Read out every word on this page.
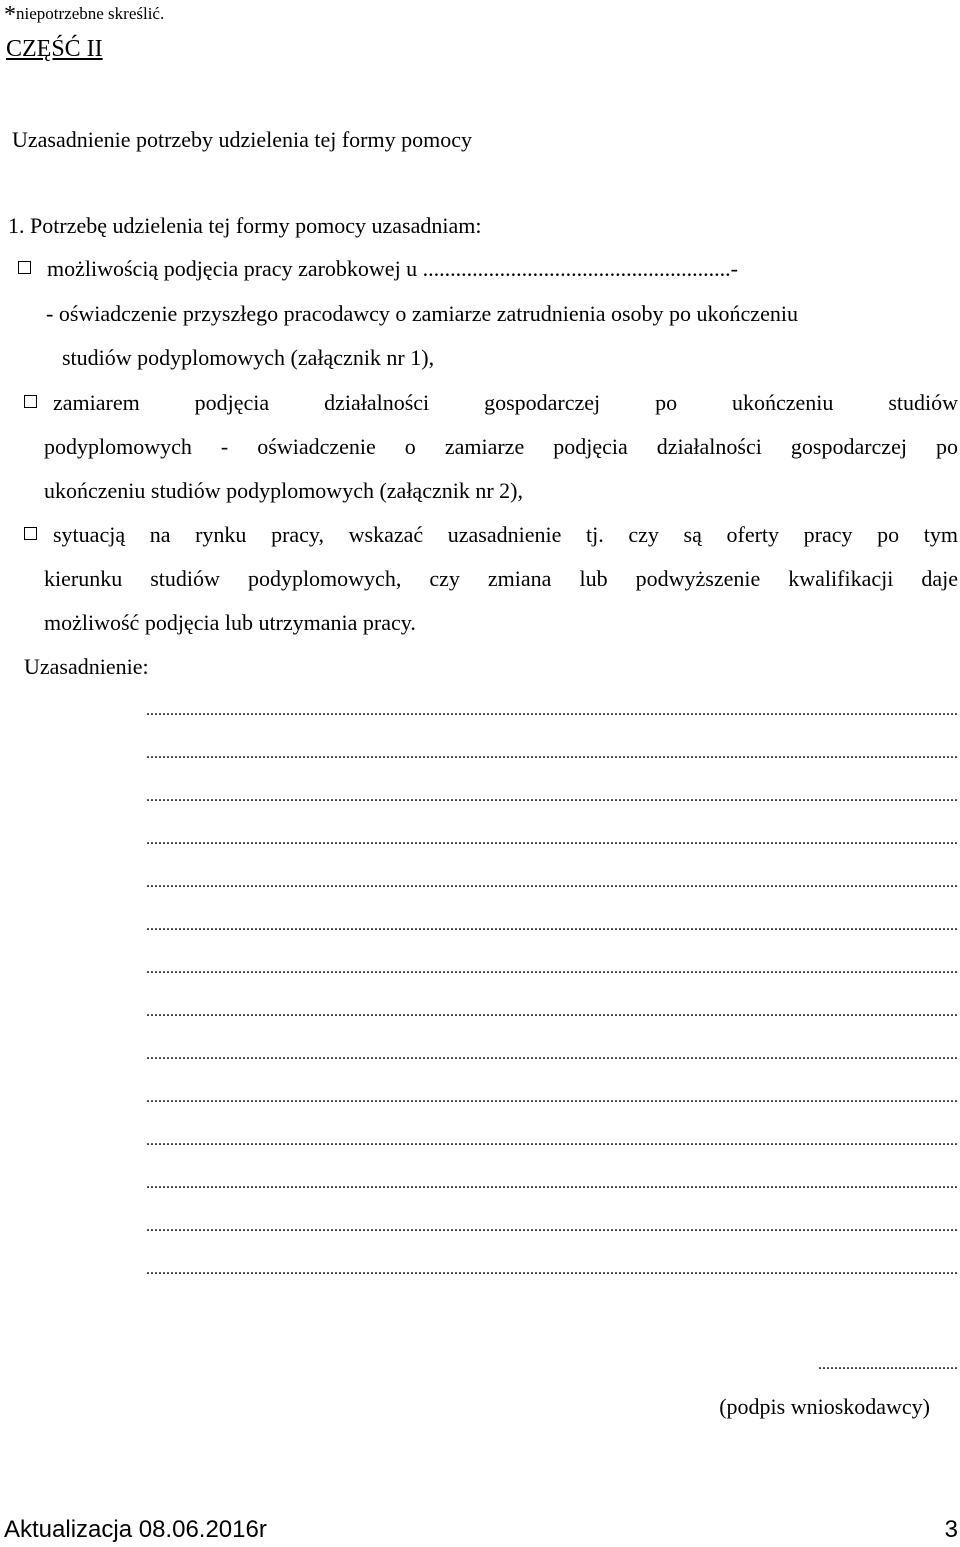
*niepotrzebne skreślić.
CZĘŚĆ II
Uzasadnienie potrzeby udzielenia tej formy pomocy
1. Potrzebę udzielenia tej formy pomocy uzasadniam:
możliwością podjęcia pracy zarobkowej u ........................................................-
- oświadczenie przyszłego pracodawcy o zamiarze zatrudnienia osoby po ukończeniu
studiów podyplomowych (załącznik nr 1),
zamiarem podjęcia działalności gospodarczej po ukończeniu studiów
podyplomowych - oświadczenie o zamiarze podjęcia działalności gospodarczej po
ukończeniu studiów podyplomowych (załącznik nr 2),
sytuacją na rynku pracy, wskazać uzasadnienie tj. czy są oferty pracy po tym
kierunku studiów podyplomowych, czy zmiana lub podwyższenie kwalifikacji daje
możliwość podjęcia lub utrzymania pracy.
Uzasadnienie:
...........................................................................................................................................................................................................
...........................................................................................................................................................................................................
...........................................................................................................................................................................................................
...........................................................................................................................................................................................................
...........................................................................................................................................................................................................
...........................................................................................................................................................................................................
...........................................................................................................................................................................................................
...........................................................................................................................................................................................................
...........................................................................................................................................................................................................
...........................................................................................................................................................................................................
...........................................................................................................................................................................................................
...........................................................................................................................................................................................................
...........................................................................................................................................................................................................
...........................................................................................................................................................................................................
...................................
(podpis wnioskodawcy)
Aktualizacja 08.06.2016r	3
